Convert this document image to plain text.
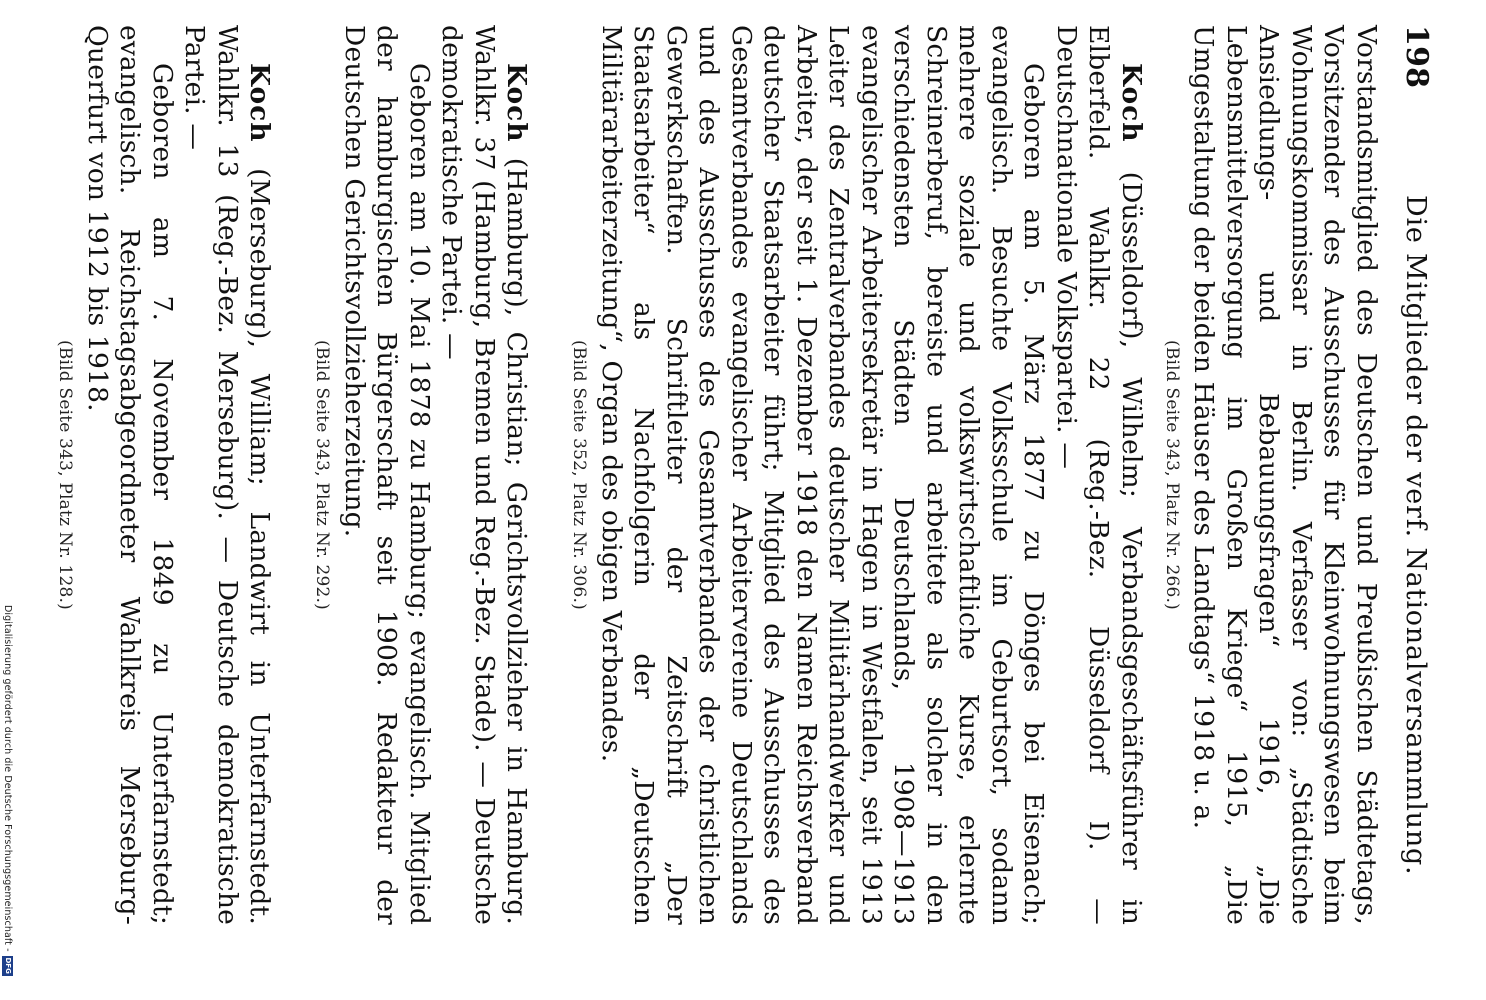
198
Die Mitglieder der verf. Nationalversammlung.

Vorstandsmitglied des Deutschen und Preußischen Städtetags, Vorsitzender des Ausschusses für Kleinwohnungswesen beim Wohnungskommissar in Berlin. Verfasser von: „Städtische Ansiedlungs- und Bebauungsfragen“ 1916, „Die Lebensmittelversorgung im Großen Kriege“ 1915, „Die Umgestaltung der beiden Häuser des Landtags“ 1918 u. a.

(Bild Seite 343, Platz Nr. 266.)

Koch (Düsseldorf), Wilhelm; Verbandsgeschäftsführer in Elberfeld. Wahlkr. 22 (Reg.-Bez. Düsseldorf I). — Deutschnationale Volkspartei. —

Geboren am 5. März 1877 zu Dönges bei Eisenach; evangelisch. Besuchte Volksschule im Geburtsort, sodann mehrere soziale und volkswirtschaftliche Kurse, erlernte Schreinerberuf, bereiste und arbeitete als solcher in den verschiedensten Städten Deutschlands, 1908—1913 evangelischer Arbeitersekretär in Hagen in Westfalen, seit 1913 Leiter des Zentralverbandes deutscher Militärhandwerker und Arbeiter, der seit 1. Dezember 1918 den Namen Reichsverband deutscher Staatsarbeiter führt; Mitglied des Ausschusses des Gesamtverbandes evangelischer Arbeitervereine Deutschlands und des Ausschusses des Gesamtverbandes der christlichen Gewerkschaften. Schriftleiter der Zeitschrift „Der Staatsarbeiter“ als Nachfolgerin der „Deutschen Militärarbeiterzeitung“, Organ des obigen Verbandes.

(Bild Seite 352, Platz Nr. 306.)

Koch (Hamburg), Christian; Gerichtsvollzieher in Hamburg. Wahlkr. 37 (Hamburg, Bremen und Reg.-Bez. Stade). — Deutsche demokratische Partei. —

Geboren am 10. Mai 1878 zu Hamburg; evangelisch. Mitglied der hamburgischen Bürgerschaft seit 1908. Redakteur der Deutschen Gerichtsvollzieherzeitung.

(Bild Seite 343, Platz Nr. 292.)

Koch (Merseburg), William; Landwirt in Unterfarnstedt. Wahlkr. 13 (Reg.-Bez. Merseburg). — Deutsche demokratische Partei. —

Geboren am 7. November 1849 zu Unterfarnstedt; evangelisch. Reichstagsabgeordneter Wahlkreis Merseburg-Querfurt von 1912 bis 1918.

(Bild Seite 343, Platz Nr. 128.)
Digitalisierung gefördert durch die Deutsche Forschungsgemeinschaft -
DFG
